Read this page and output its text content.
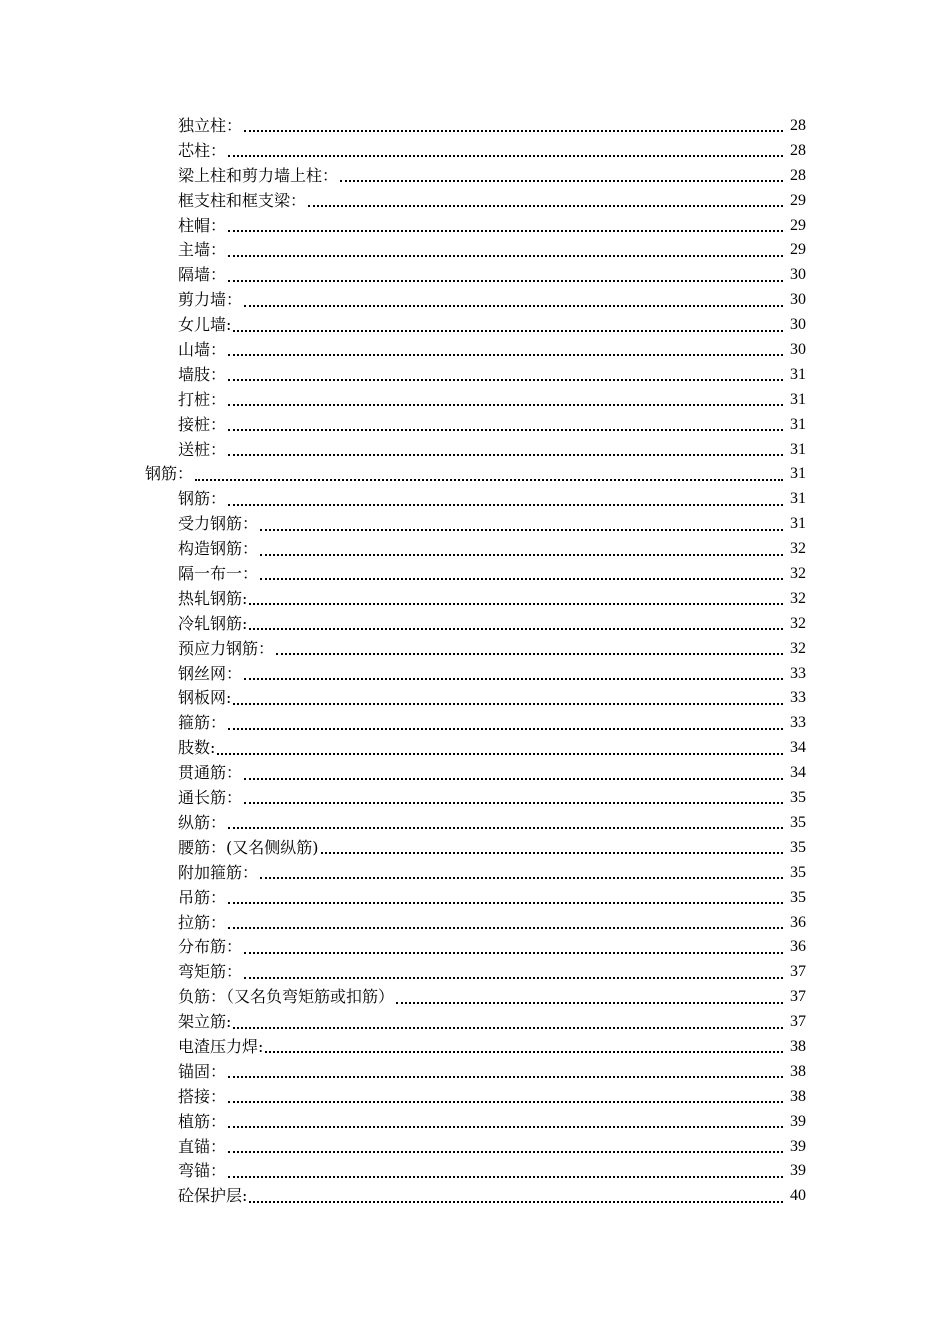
独立柱：	28
芯柱：	28
梁上柱和剪力墙上柱：	28
框支柱和框支梁：	29
柱帽：	29
主墙：	29
隔墙：	30
剪力墙：	30
女儿墙:	30
山墙：	30
墙肢：	31
打桩：	31
接桩：	31
送桩：	31
钢筋：	31
钢筋：	31
受力钢筋：	31
构造钢筋：	32
隔一布一：	32
热轧钢筋:	32
冷轧钢筋:	32
预应力钢筋：	32
钢丝网：	33
钢板网:	33
箍筋：	33
肢数:	34
贯通筋：	34
通长筋：	35
纵筋：	35
腰筋：(又名侧纵筋)	35
附加箍筋：	35
吊筋：	35
拉筋：	36
分布筋：	36
弯矩筋：	37
负筋：（又名负弯矩筋或扣筋）	37
架立筋:	37
电渣压力焊:	38
锚固：	38
搭接：	38
植筋：	39
直锚：	39
弯锚：	39
砼保护层:	40
